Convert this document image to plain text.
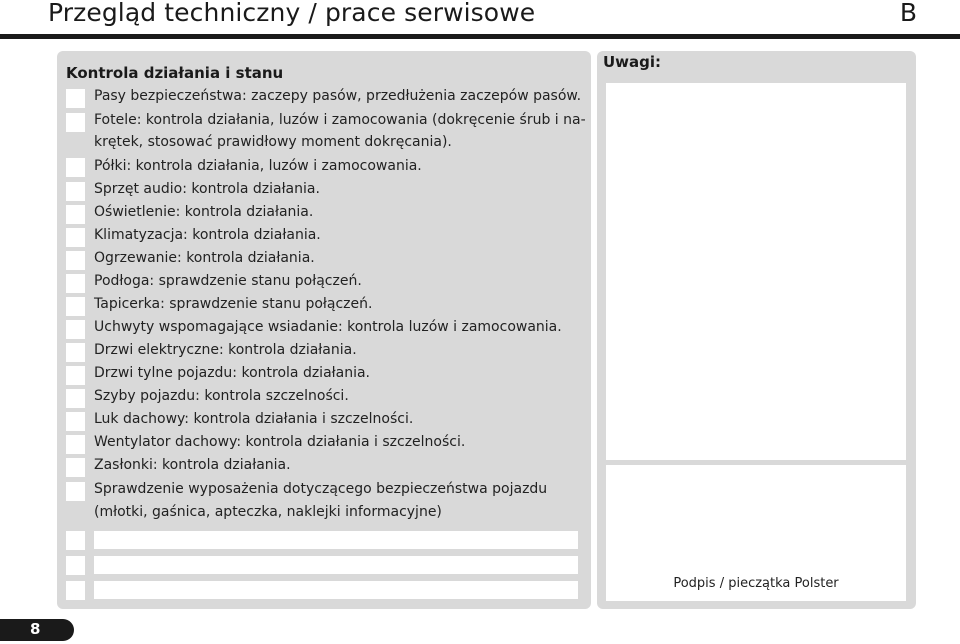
Przegląd techniczny / prace serwisowe	B
Kontrola działania i stanu
Pasy bezpieczeństwa: zaczepy pasów, przedłużenia zaczepów pasów.
Fotele: kontrola działania, luzów i zamocowania (dokręcenie śrub i na-
krętek, stosować prawidłowy moment dokręcania).
Półki: kontrola działania, luzów i zamocowania.
Sprzęt audio: kontrola działania.
Oświetlenie: kontrola działania.
Klimatyzacja: kontrola działania.
Ogrzewanie: kontrola działania.
Podłoga: sprawdzenie stanu połączeń.
Tapicerka: sprawdzenie stanu połączeń.
Uchwyty wspomagające wsiadanie: kontrola luzów i zamocowania.
Drzwi elektryczne: kontrola działania.
Drzwi tylne pojazdu: kontrola działania.
Szyby pojazdu: kontrola szczelności.
Luk dachowy: kontrola działania i szczelności.
Wentylator dachowy: kontrola działania i szczelności.
Zasłonki: kontrola działania.
Sprawdzenie wyposażenia dotyczącego bezpieczeństwa pojazdu
(młotki, gaśnica, apteczka, naklejki informacyjne)
Uwagi:
Podpis / pieczątka Polster
8
